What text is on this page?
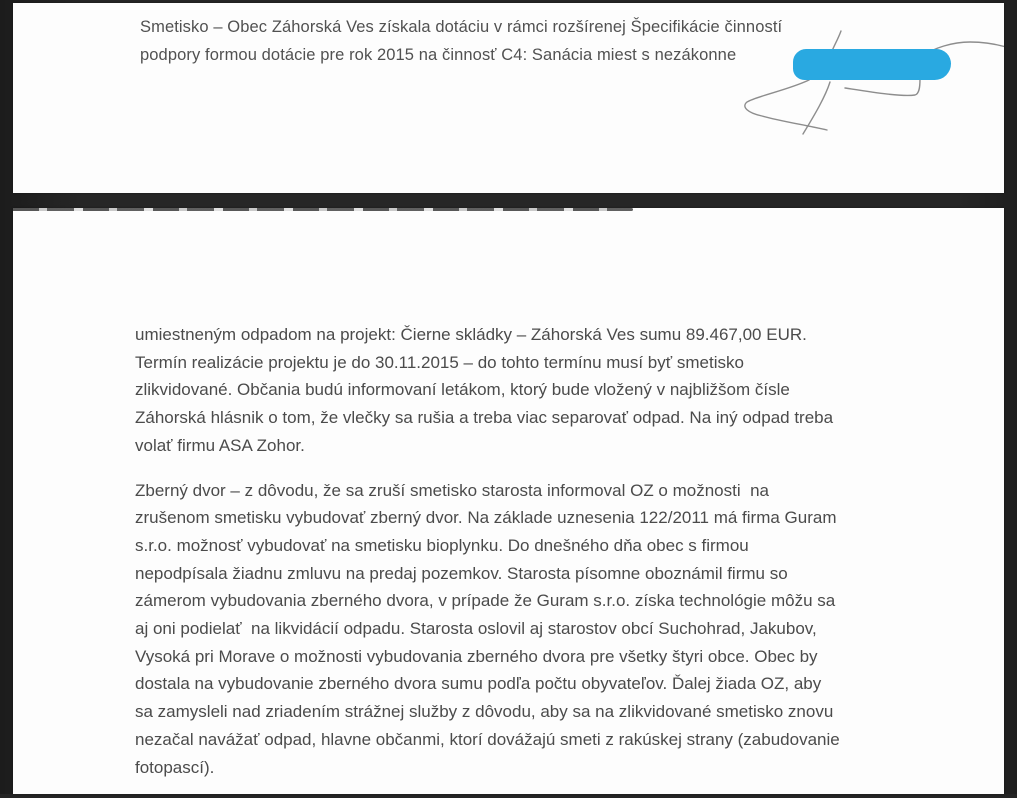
Smetisko – Obec Záhorská Ves získala dotáciu v rámci rozšírenej Špecifikácie činností
podpory formou dotácie pre rok 2015 na činnosť C4: Sanácia miest s nezákonne
umiestneným odpadom na projekt: Čierne skládky – Záhorská Ves sumu 89.467,00 EUR.
Termín realizácie projektu je do 30.11.2015 – do tohto termínu musí byť smetisko
zlikvidované. Občania budú informovaní letákom, ktorý bude vložený v najbližšom čísle
Záhorská hlásnik o tom, že vlečky sa rušia a treba viac separovať odpad. Na iný odpad treba
volať firmu ASA Zohor.
Zberný dvor – z dôvodu, že sa zruší smetisko starosta informoval OZ o možnosti  na
zrušenom smetisku vybudovať zberný dvor. Na základe uznesenia 122/2011 má firma Guram
s.r.o. možnosť vybudovať na smetisku bioplynku. Do dnešného dňa obec s firmou
nepodpísala žiadnu zmluvu na predaj pozemkov. Starosta písomne oboznámil firmu so
zámerom vybudovania zberného dvora, v prípade že Guram s.r.o. získa technológie môžu sa
aj oni podielať  na likvidácií odpadu. Starosta oslovil aj starostov obcí Suchohrad, Jakubov,
Vysoká pri Morave o možnosti vybudovania zberného dvora pre všetky štyri obce. Obec by
dostala na vybudovanie zberného dvora sumu podľa počtu obyvateľov. Ďalej žiada OZ, aby
sa zamysleli nad zriadením strážnej služby z dôvodu, aby sa na zlikvidované smetisko znovu
nezačal navážať odpad, hlavne občanmi, ktorí dovážajú smeti z rakúskej strany (zabudovanie
fotopascí).
